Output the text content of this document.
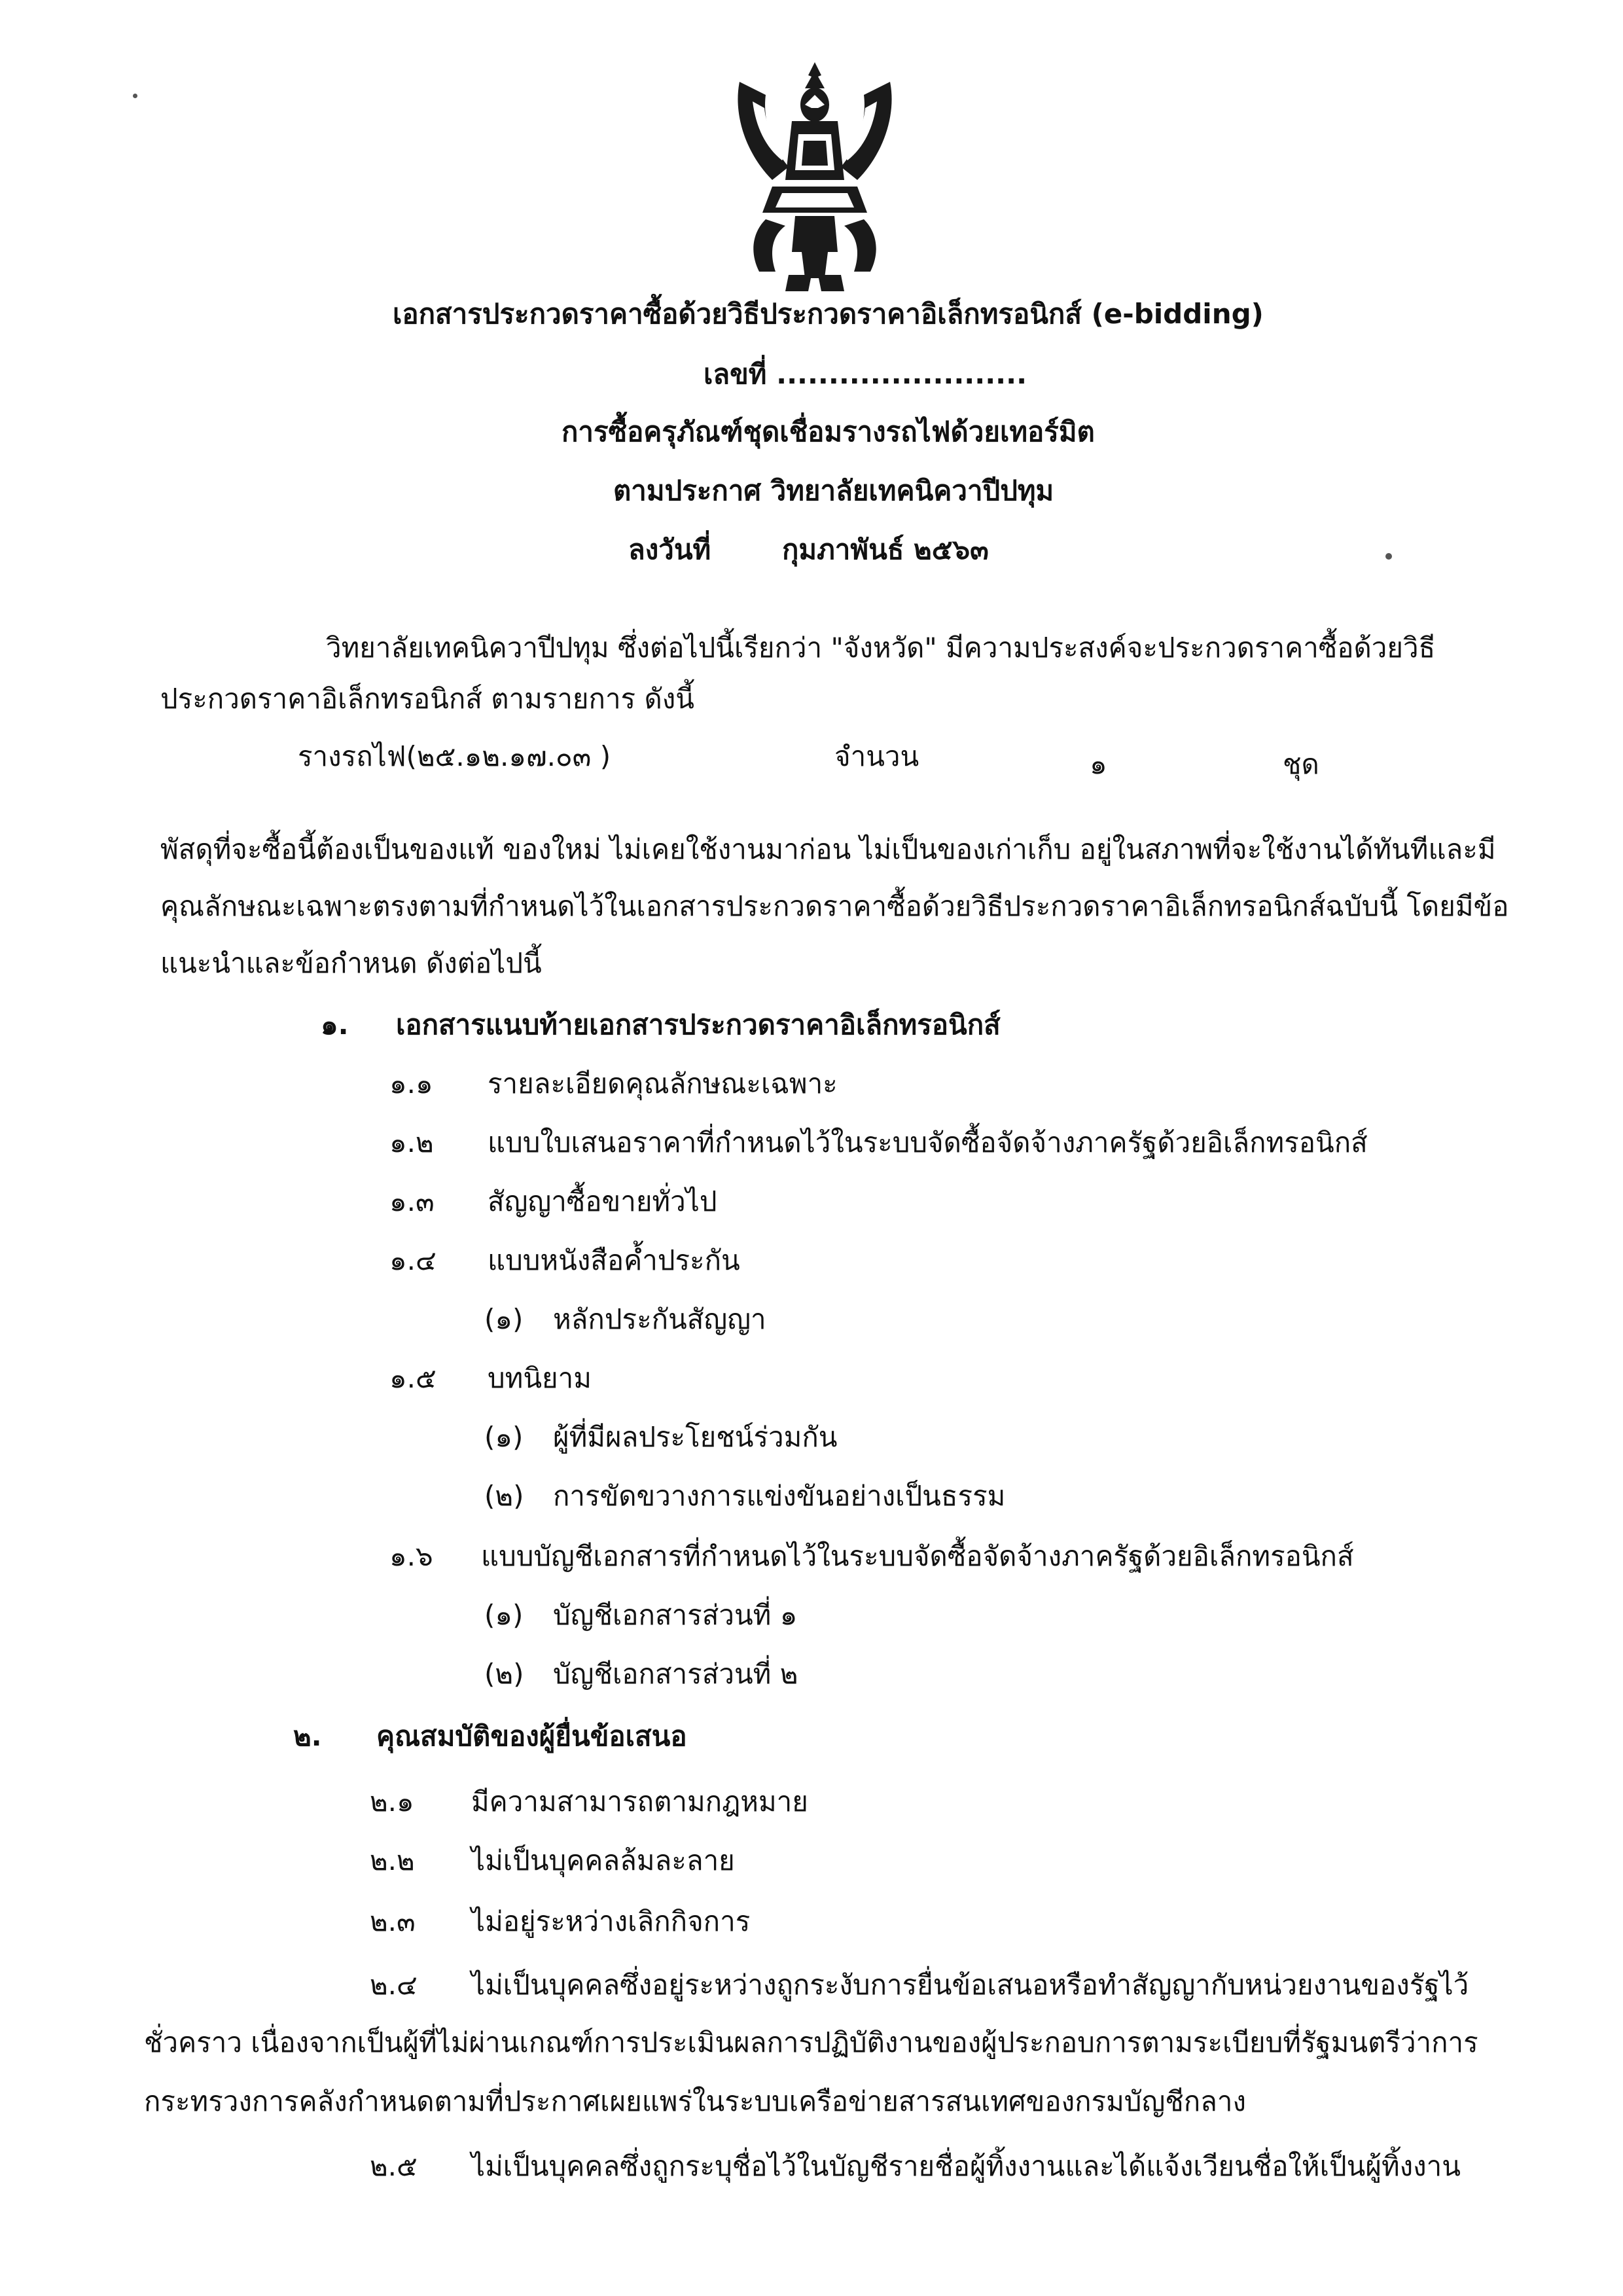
เอกสารประกวดราคาซื้อด้วยวิธีประกวดราคาอิเล็กทรอนิกส์ (e-bidding)
เลขที่ ........................
การซื้อครุภัณฑ์ชุดเชื่อมรางรถไฟด้วยเทอร์มิต
ตามประกาศ วิทยาลัยเทคนิควาปีปทุม
ลงวันที่	กุมภาพันธ์ ๒๕๖๓
วิทยาลัยเทคนิควาปีปทุม ซึ่งต่อไปนี้เรียกว่า "จังหวัด" มีความประสงค์จะประกวดราคาซื้อด้วยวิธี
ประกวดราคาอิเล็กทรอนิกส์ ตามรายการ ดังนี้
รางรถไฟ(๒๕.๑๒.๑๗.๐๓ )	จำนวน	๑	ชุด
พัสดุที่จะซื้อนี้ต้องเป็นของแท้ ของใหม่ ไม่เคยใช้งานมาก่อน ไม่เป็นของเก่าเก็บ อยู่ในสภาพที่จะใช้งานได้ทันทีและมี
คุณลักษณะเฉพาะตรงตามที่กำหนดไว้ในเอกสารประกวดราคาซื้อด้วยวิธีประกวดราคาอิเล็กทรอนิกส์ฉบับนี้ โดยมีข้อ
แนะนำและข้อกำหนด ดังต่อไปนี้
๑. เอกสารแนบท้ายเอกสารประกวดราคาอิเล็กทรอนิกส์
๑.๑ รายละเอียดคุณลักษณะเฉพาะ
๑.๒ แบบใบเสนอราคาที่กำหนดไว้ในระบบจัดซื้อจัดจ้างภาครัฐด้วยอิเล็กทรอนิกส์
๑.๓ สัญญาซื้อขายทั่วไป
๑.๔ แบบหนังสือค้ำประกัน
(๑) หลักประกันสัญญา
๑.๕ บทนิยาม
(๑) ผู้ที่มีผลประโยชน์ร่วมกัน
(๒) การขัดขวางการแข่งขันอย่างเป็นธรรม
๑.๖ แบบบัญชีเอกสารที่กำหนดไว้ในระบบจัดซื้อจัดจ้างภาครัฐด้วยอิเล็กทรอนิกส์
(๑) บัญชีเอกสารส่วนที่ ๑
(๒) บัญชีเอกสารส่วนที่ ๒
๒. คุณสมบัติของผู้ยื่นข้อเสนอ
๒.๑ มีความสามารถตามกฎหมาย
๒.๒ ไม่เป็นบุคคลล้มละลาย
๒.๓ ไม่อยู่ระหว่างเลิกกิจการ
๒.๔ ไม่เป็นบุคคลซึ่งอยู่ระหว่างถูกระงับการยื่นข้อเสนอหรือทำสัญญากับหน่วยงานของรัฐไว้
ชั่วคราว เนื่องจากเป็นผู้ที่ไม่ผ่านเกณฑ์การประเมินผลการปฏิบัติงานของผู้ประกอบการตามระเบียบที่รัฐมนตรีว่าการ
กระทรวงการคลังกำหนดตามที่ประกาศเผยแพร่ในระบบเครือข่ายสารสนเทศของกรมบัญชีกลาง
๒.๕ ไม่เป็นบุคคลซึ่งถูกระบุชื่อไว้ในบัญชีรายชื่อผู้ทิ้งงานและได้แจ้งเวียนชื่อให้เป็นผู้ทิ้งงาน
